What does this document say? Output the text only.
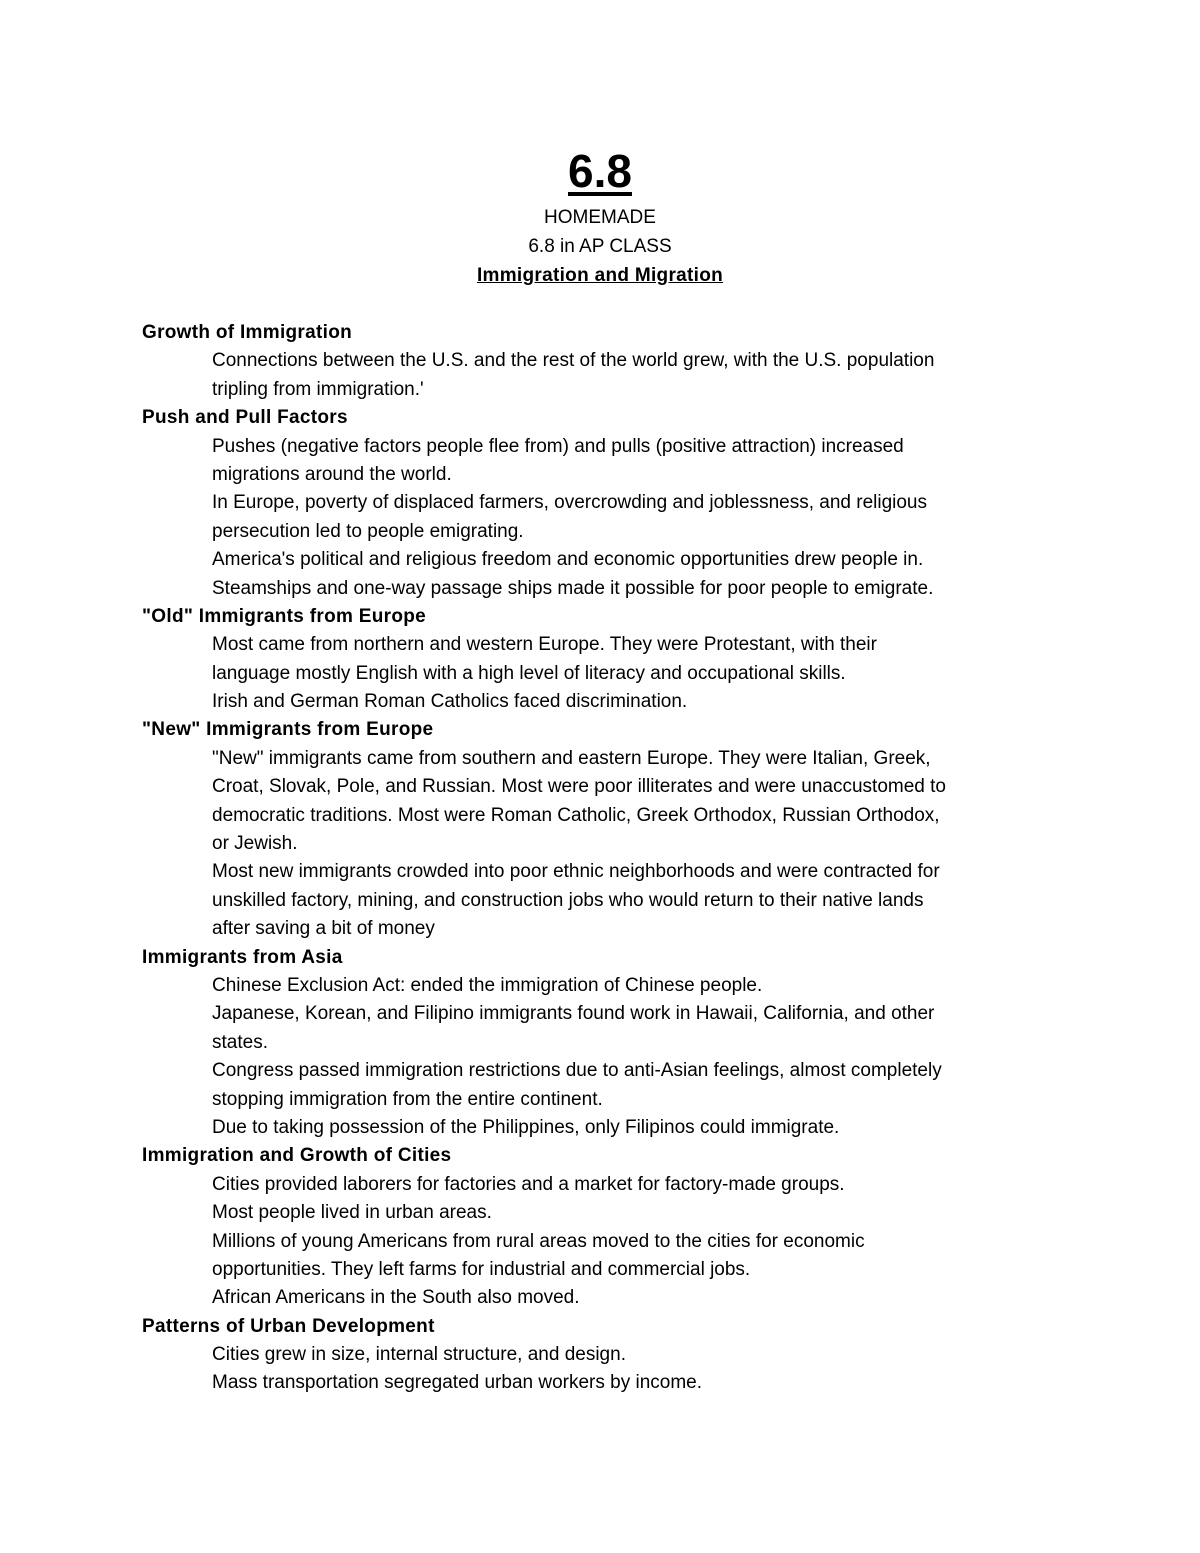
6.8
HOMEMADE
6.8 in AP CLASS
Immigration and Migration
Growth of Immigration
Connections between the U.S. and the rest of the world grew, with the U.S. population
tripling from immigration.'
Push and Pull Factors
Pushes (negative factors people flee from) and pulls (positive attraction) increased
migrations around the world.
In Europe, poverty of displaced farmers, overcrowding and joblessness, and religious
persecution led to people emigrating.
America's political and religious freedom and economic opportunities drew people in.
Steamships and one-way passage ships made it possible for poor people to emigrate.
"Old" Immigrants from Europe
Most came from northern and western Europe. They were Protestant, with their
language mostly English with a high level of literacy and occupational skills.
Irish and German Roman Catholics faced discrimination.
"New" Immigrants from Europe
"New" immigrants came from southern and eastern Europe. They were Italian, Greek,
Croat, Slovak, Pole, and Russian. Most were poor illiterates and were unaccustomed to
democratic traditions. Most were Roman Catholic, Greek Orthodox, Russian Orthodox,
or Jewish.
Most new immigrants crowded into poor ethnic neighborhoods and were contracted for
unskilled factory, mining, and construction jobs who would return to their native lands
after saving a bit of money
Immigrants from Asia
Chinese Exclusion Act: ended the immigration of Chinese people.
Japanese, Korean, and Filipino immigrants found work in Hawaii, California, and other
states.
Congress passed immigration restrictions due to anti-Asian feelings, almost completely
stopping immigration from the entire continent.
Due to taking possession of the Philippines, only Filipinos could immigrate.
Immigration and Growth of Cities
Cities provided laborers for factories and a market for factory-made groups.
Most people lived in urban areas.
Millions of young Americans from rural areas moved to the cities for economic
opportunities. They left farms for industrial and commercial jobs.
African Americans in the South also moved.
Patterns of Urban Development
Cities grew in size, internal structure, and design.
Mass transportation segregated urban workers by income.
